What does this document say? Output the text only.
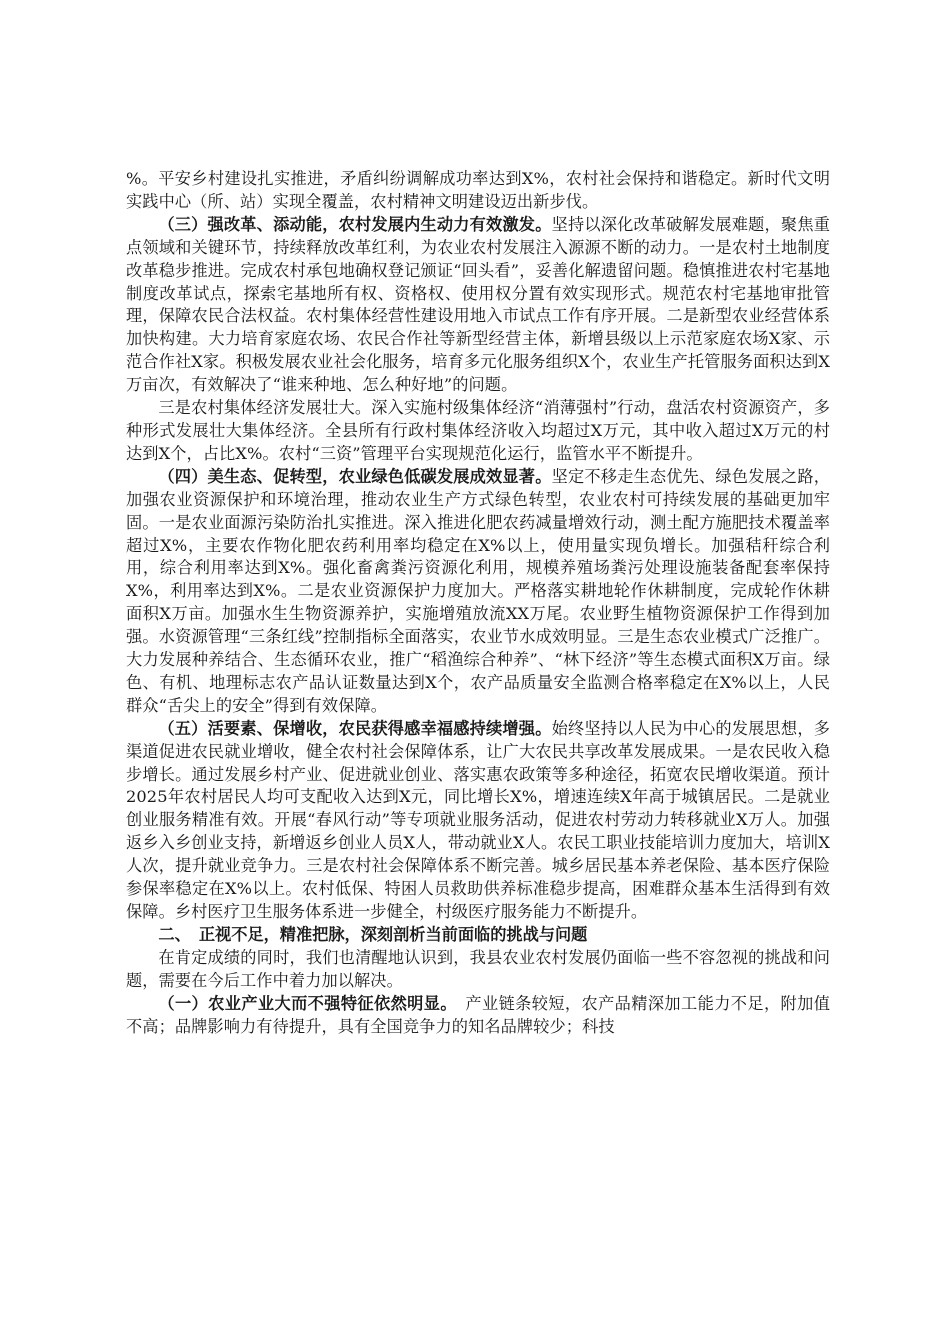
%。平安乡村建设扎实推进，矛盾纠纷调解成功率达到X%，农村社会保持和谐稳定。新时代文明实践中心（所、站）实现全覆盖，农村精神文明建设迈出新步伐。

（三）强改革、添动能，农村发展内生动力有效激发。坚持以深化改革破解发展难题，聚焦重点领域和关键环节，持续释放改革红利，为农业农村发展注入源源不断的动力。一是农村土地制度改革稳步推进。完成农村承包地确权登记颁证“回头看”，妥善化解遗留问题。稳慎推进农村宅基地制度改革试点，探索宅基地所有权、资格权、使用权分置有效实现形式。规范农村宅基地审批管理，保障农民合法权益。农村集体经营性建设用地入市试点工作有序开展。二是新型农业经营体系加快构建。大力培育家庭农场、农民合作社等新型经营主体，新增县级以上示范家庭农场X家、示范合作社X家。积极发展农业社会化服务，培育多元化服务组织X个，农业生产托管服务面积达到X万亩次，有效解决了“谁来种地、怎么种好地”的问题。

三是农村集体经济发展壮大。深入实施村级集体经济“消薄强村”行动，盘活农村资源资产，多种形式发展壮大集体经济。全县所有行政村集体经济收入均超过X万元，其中收入超过X万元的村达到X个，占比X%。农村“三资”管理平台实现规范化运行，监管水平不断提升。

（四）美生态、促转型，农业绿色低碳发展成效显著。坚定不移走生态优先、绿色发展之路，加强农业资源保护和环境治理，推动农业生产方式绿色转型，农业农村可持续发展的基础更加牢固。一是农业面源污染防治扎实推进。深入推进化肥农药减量增效行动，测土配方施肥技术覆盖率超过X%，主要农作物化肥农药利用率均稳定在X%以上，使用量实现负增长。加强秸秆综合利用，综合利用率达到X%。强化畜禽粪污资源化利用，规模养殖场粪污处理设施装备配套率保持X%，利用率达到X%。二是农业资源保护力度加大。严格落实耕地轮作休耕制度，完成轮作休耕面积X万亩。加强水生生物资源养护，实施增殖放流XX万尾。农业野生植物资源保护工作得到加强。水资源管理“三条红线”控制指标全面落实，农业节水成效明显。三是生态农业模式广泛推广。大力发展种养结合、生态循环农业，推广“稻渔综合种养”、“林下经济”等生态模式面积X万亩。绿色、有机、地理标志农产品认证数量达到X个，农产品质量安全监测合格率稳定在X%以上，人民群众“舌尖上的安全”得到有效保障。

（五）活要素、保增收，农民获得感幸福感持续增强。始终坚持以人民为中心的发展思想，多渠道促进农民就业增收，健全农村社会保障体系，让广大农民共享改革发展成果。一是农民收入稳步增长。通过发展乡村产业、促进就业创业、落实惠农政策等多种途径，拓宽农民增收渠道。预计2025年农村居民人均可支配收入达到X元，同比增长X%，增速连续X年高于城镇居民。二是就业创业服务精准有效。开展“春风行动”等专项就业服务活动，促进农村劳动力转移就业X万人。加强返乡入乡创业支持，新增返乡创业人员X人，带动就业X人。农民工职业技能培训力度加大，培训X人次，提升就业竞争力。三是农村社会保障体系不断完善。城乡居民基本养老保险、基本医疗保险参保率稳定在X%以上。农村低保、特困人员救助供养标准稳步提高，困难群众基本生活得到有效保障。乡村医疗卫生服务体系进一步健全，村级医疗服务能力不断提升。

二、　正视不足，精准把脉，深刻剖析当前面临的挑战与问题

在肯定成绩的同时，我们也清醒地认识到，我县农业农村发展仍面临一些不容忽视的挑战和问题，需要在今后工作中着力加以解决。

（一）农业产业大而不强特征依然明显。　产业链条较短，农产品精深加工能力不足，附加值不高；品牌影响力有待提升，具有全国竞争力的知名品牌较少；科技
